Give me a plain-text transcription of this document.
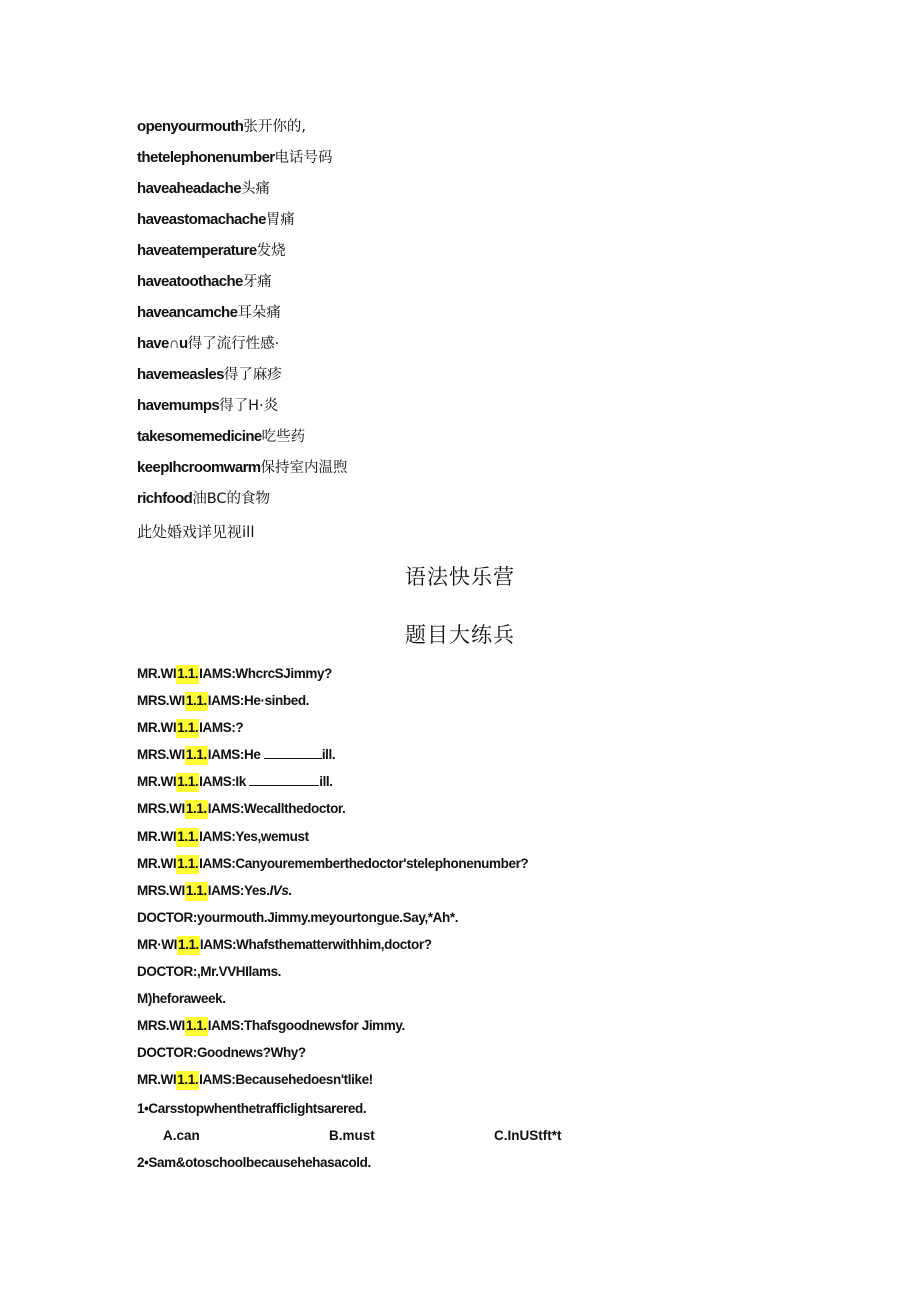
openyourmouth张开你的,
thetelephonenumber电话号码
haveaheadache头痛
haveastomachache胃痛
haveatemperature发烧
haveatoothache牙痛
haveancamche耳朵痛
have∩u得了流行性感·
havemeasles得了麻疹
havemumps得了H·炎
takesomemedicine吃些药
keepIhcroomwarm保持室内温煦
richfood油BC的食物
此处婚戏详见视ill
语法快乐营
题目大练兵
MR.WI1.1.IAMS:WhcrcSJimmy?
MRS.WI1.1.IAMS:He·sinbed.
MR.WI1.1.IAMS:?
MRS.WI1.1.IAMS:He	ill.
MR.WI1.1.IAMS:Ik	ill.
MRS.WI1.1.IAMS:Wecallthedoctor.
MR.WI1.1.IAMS:Yes,wemust
MR.WI1.1.IAMS:Canyourememberthedoctor'stelephonenumber?
MRS.WI1.1.IAMS:Yes.IVs.
DOCTOR:yourmouth.Jimmy.meyourtongue.Say,*Ah*.
MR·WI1.1.IAMS:Whafsthematterwithhim,doctor?
DOCTOR:,Mr.VVHIlams.
M)heforaweek.
MRS.WI1.1.IAMS:Thafsgoodnewsfor Jimmy.
DOCTOR:Goodnews?Why?
MR.WI1.1.IAMS:Becausehedoesn'tlike!
1•Carsstopwhenthetrafficlightsarered.
A.can	B.must	C.InUStft*t
2•Sam&otoschoolbecausehehasacold.
